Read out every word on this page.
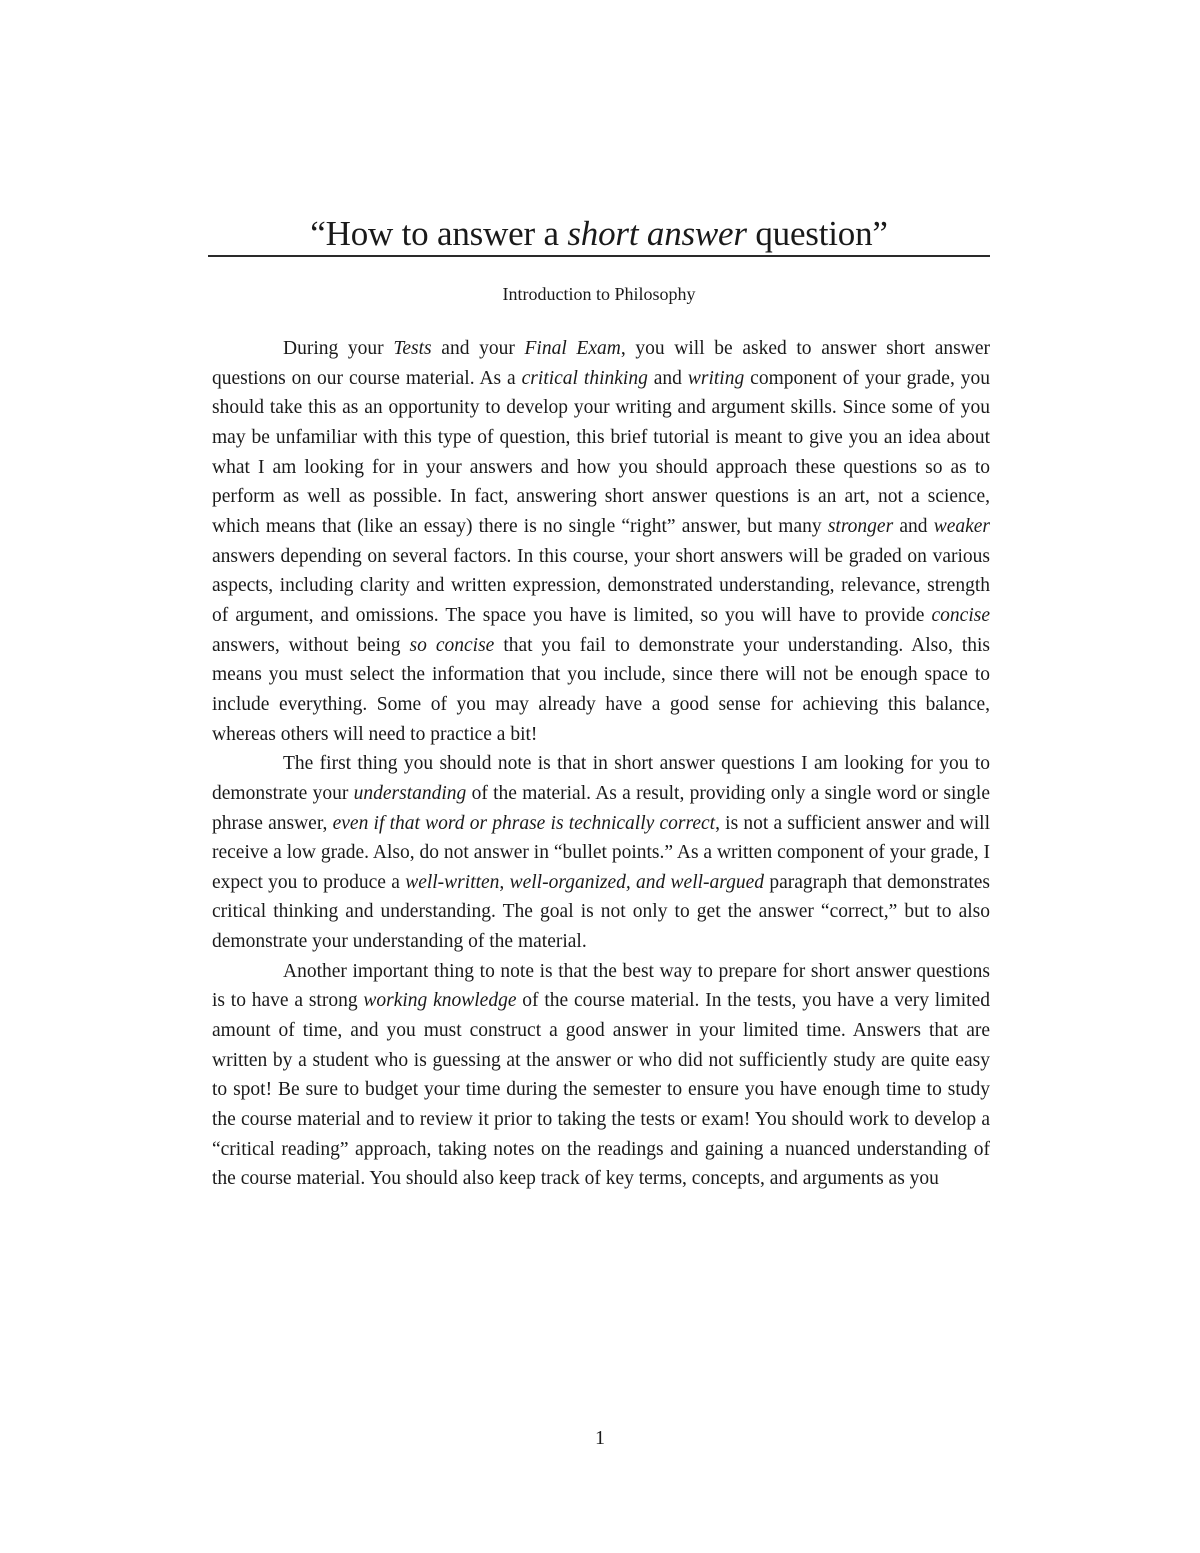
“How to answer a short answer question”
Introduction to Philosophy

During your Tests and your Final Exam, you will be asked to answer short answer questions on our course material. As a critical thinking and writing component of your grade, you should take this as an opportunity to develop your writing and argument skills. Since some of you may be unfamiliar with this type of question, this brief tutorial is meant to give you an idea about what I am looking for in your answers and how you should approach these questions so as to perform as well as possible. In fact, answering short answer questions is an art, not a science, which means that (like an essay) there is no single “right” answer, but many stronger and weaker answers depending on several factors. In this course, your short answers will be graded on various aspects, including clarity and written expression, demonstrated understanding, relevance, strength of argument, and omissions. The space you have is limited, so you will have to provide concise answers, without being so concise that you fail to demonstrate your understanding. Also, this means you must select the information that you include, since there will not be enough space to include everything. Some of you may already have a good sense for achieving this balance, whereas others will need to practice a bit!

The first thing you should note is that in short answer questions I am looking for you to demonstrate your understanding of the material. As a result, providing only a single word or single phrase answer, even if that word or phrase is technically correct, is not a sufficient answer and will receive a low grade. Also, do not answer in “bullet points.” As a written component of your grade, I expect you to produce a well-written, well-organized, and well-argued paragraph that demonstrates critical thinking and understanding. The goal is not only to get the answer “correct,” but to also demonstrate your understanding of the material.

Another important thing to note is that the best way to prepare for short answer questions is to have a strong working knowledge of the course material. In the tests, you have a very limited amount of time, and you must construct a good answer in your limited time. Answers that are written by a student who is guessing at the answer or who did not sufficiently study are quite easy to spot! Be sure to budget your time during the semester to ensure you have enough time to study the course material and to review it prior to taking the tests or exam! You should work to develop a “critical reading” approach, taking notes on the readings and gaining a nuanced understanding of the course material. You should also keep track of key terms, concepts, and arguments as you

1
